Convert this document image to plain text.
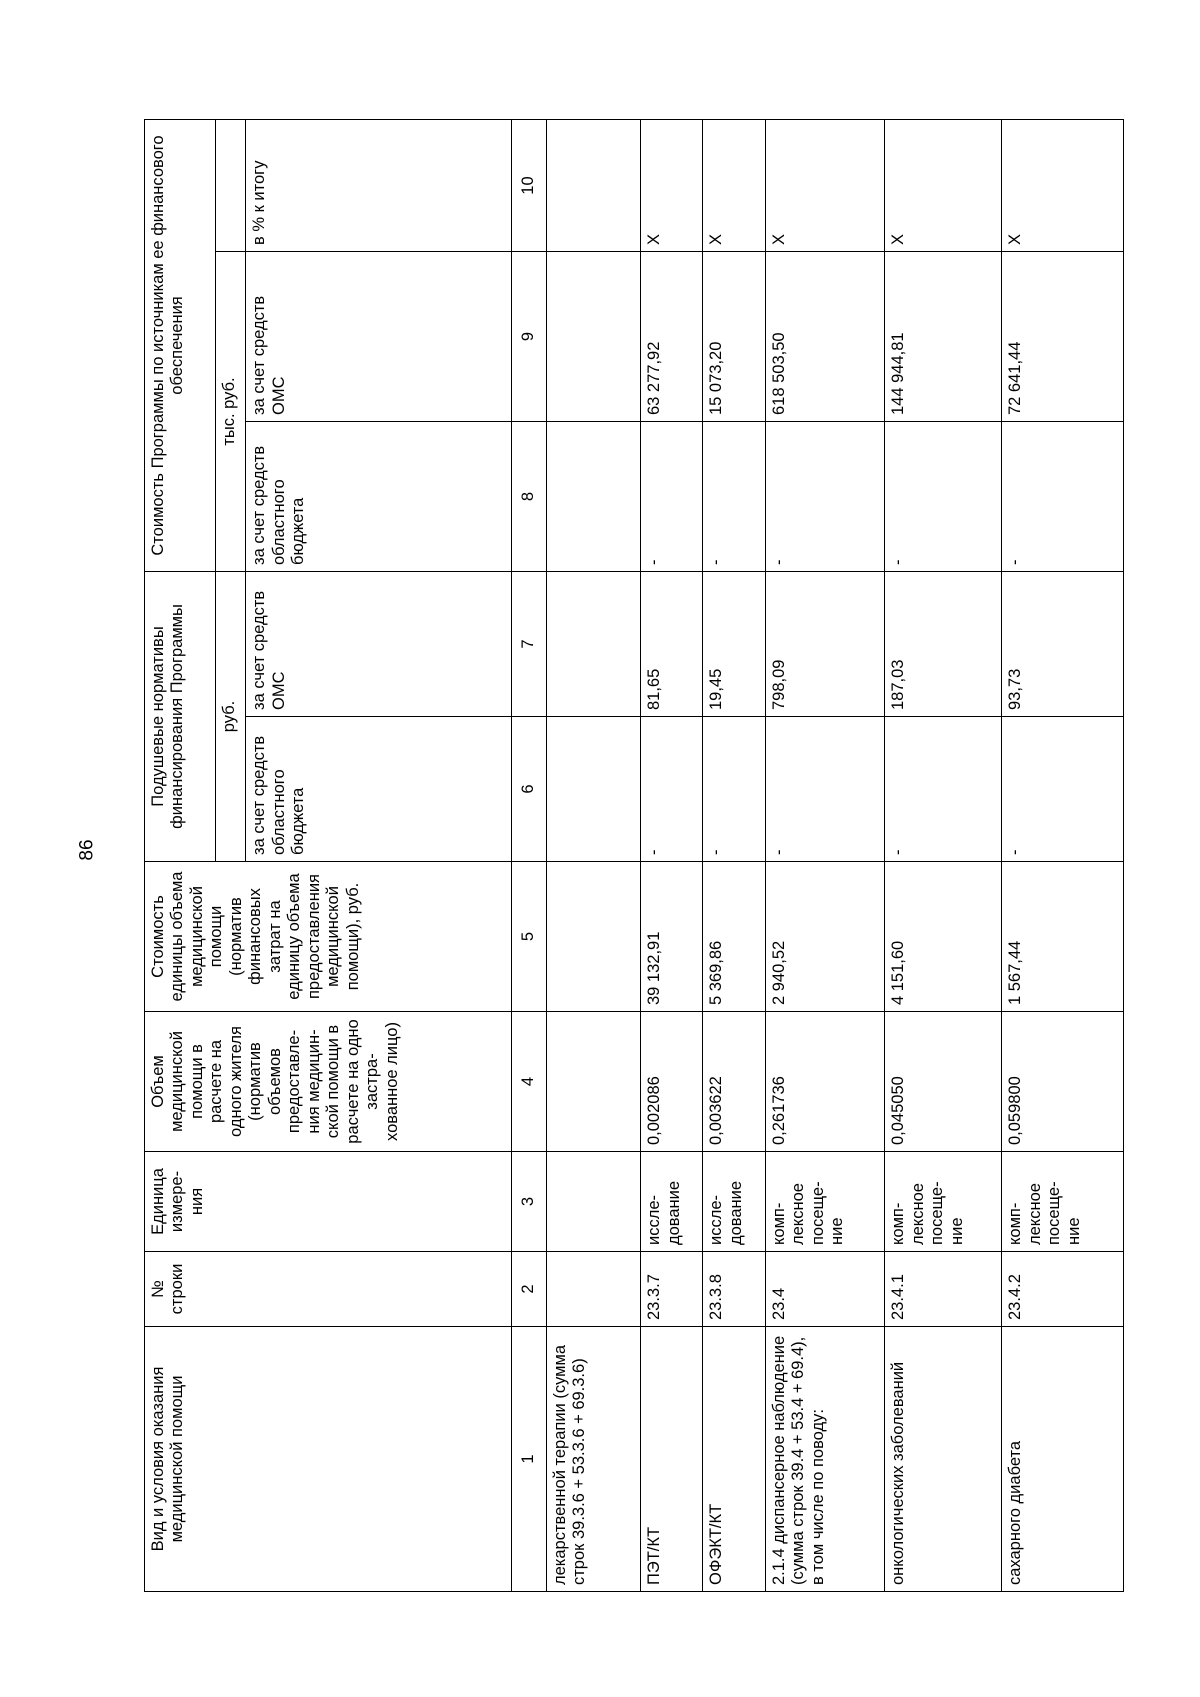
86
Вид и условия оказания медицинской помощи	№ строки	Единица измере-ния	Объем медицинской помощи в расчете на одного жителя (норматив объемов предоставле-ния медицин-ской помощи в расчете на одно застра-хованное лицо)	Стоимость единицы объема медицинской помощи (норматив финансовых затрат на единицу объема предоставления медицинской помощи), руб.	Подушевые нормативы финансирования Программы		Стоимость Программы по источникам ее финансового обеспечения		
					руб.		тыс. руб.		
					за счет средств областного бюджета	за счет средств ОМС	за счет средств областного бюджета	за счет средств ОМС	в % к итогу
1	2	3	4	5	6	7	8	9	10
лекарственной терапии (сумма строк 39.3.6 + 53.3.6 + 69.3.6)									
ПЭТ/КТ	23.3.7	иссле-дование	0,002086	39 132,91	-	81,65	-	63 277,92	X
ОФЭКТ/КТ	23.3.8	иссле-дование	0,003622	5 369,86	-	19,45	-	15 073,20	X
2.1.4 диспансерное наблюдение (сумма строк 39.4 + 53.4 + 69.4), в том числе по поводу:	23.4	комп-лексное посеще-ние	0,261736	2 940,52	-	798,09	-	618 503,50	X
онкологических заболеваний	23.4.1	комп-лексное посеще-ние	0,045050	4 151,60	-	187,03	-	144 944,81	X
сахарного диабета	23.4.2	комп-лексное посеще-ние	0,059800	1 567,44	-	93,73	-	72 641,44	X
